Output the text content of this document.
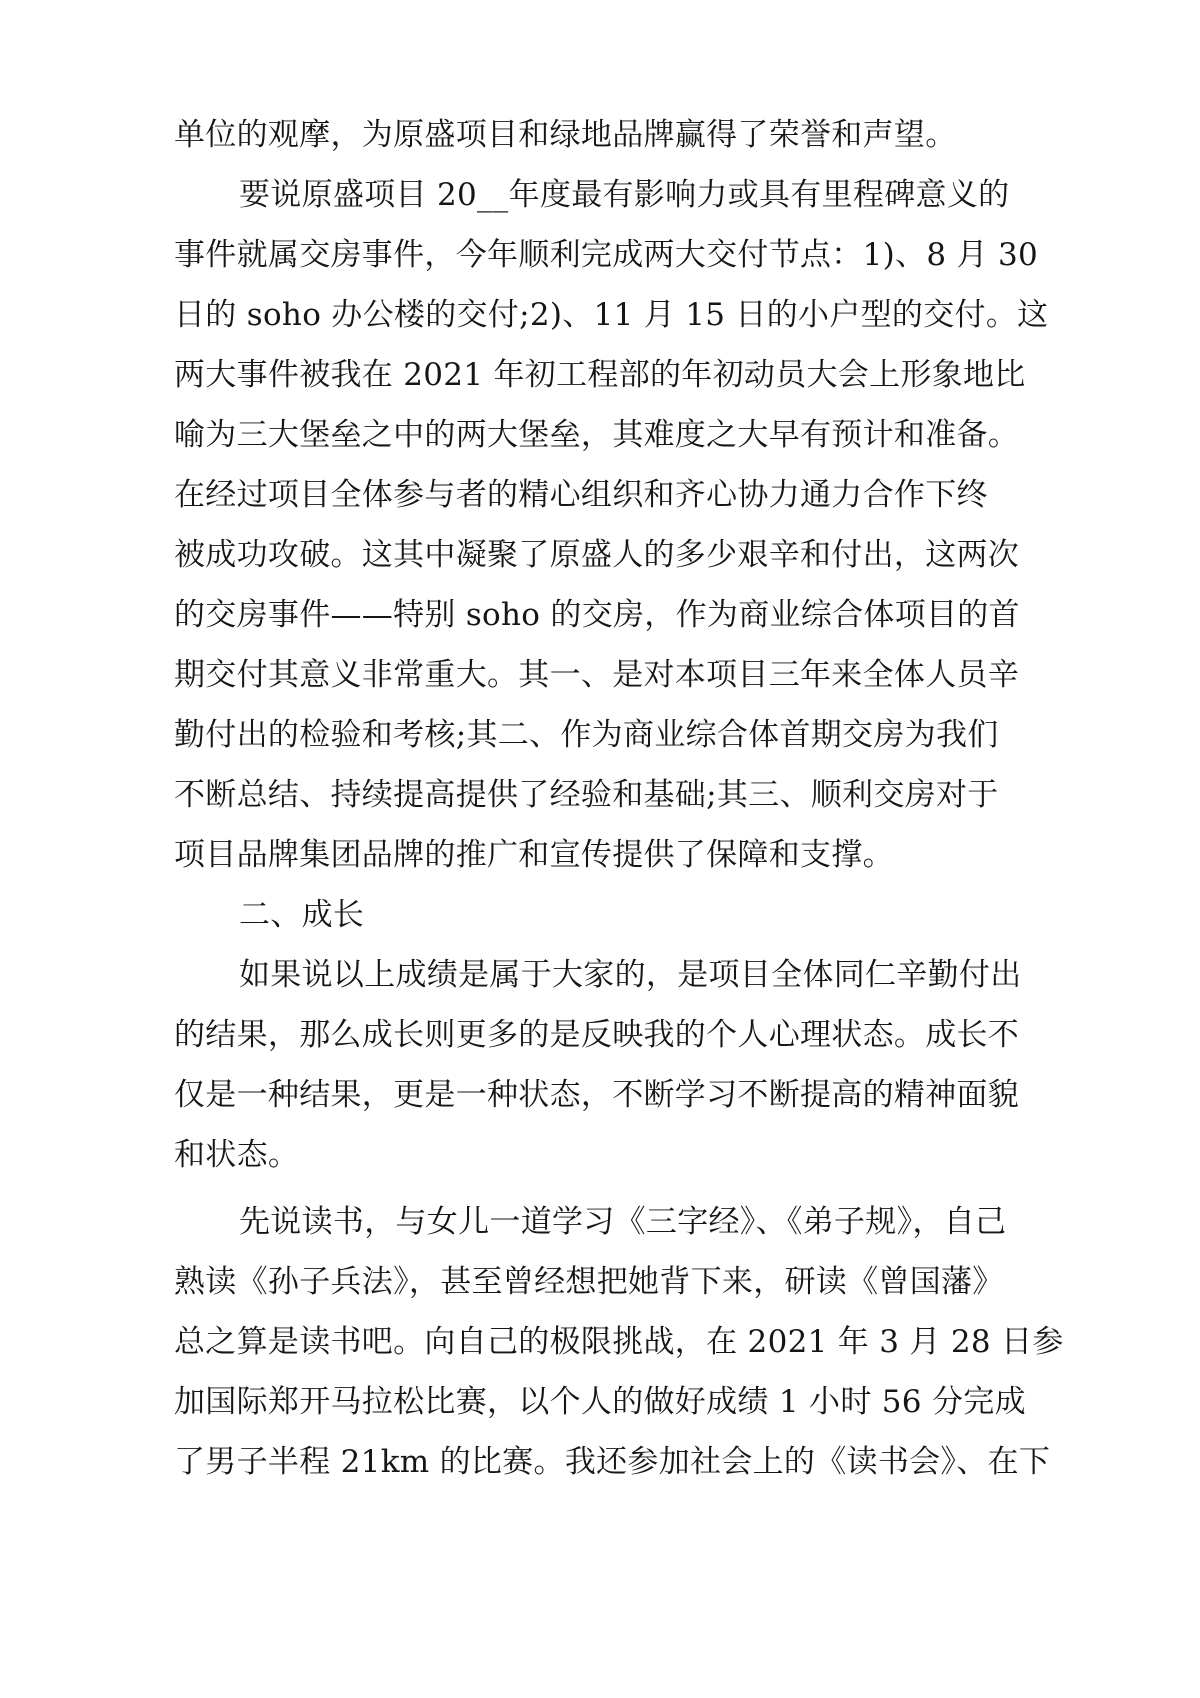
单位的观摩，为原盛项目和绿地品牌赢得了荣誉和声望。
要说原盛项目 20__年度最有影响力或具有里程碑意义的
事件就属交房事件，今年顺利完成两大交付节点：1)、8 月 30
日的 soho 办公楼的交付;2)、11 月 15 日的小户型的交付。这
两大事件被我在 2021 年初工程部的年初动员大会上形象地比
喻为三大堡垒之中的两大堡垒，其难度之大早有预计和准备。
在经过项目全体参与者的精心组织和齐心协力通力合作下终
被成功攻破。这其中凝聚了原盛人的多少艰辛和付出，这两次
的交房事件——特别 soho 的交房，作为商业综合体项目的首
期交付其意义非常重大。其一、是对本项目三年来全体人员辛
勤付出的检验和考核;其二、作为商业综合体首期交房为我们
不断总结、持续提高提供了经验和基础;其三、顺利交房对于
项目品牌集团品牌的推广和宣传提供了保障和支撑。
二、成长
如果说以上成绩是属于大家的，是项目全体同仁辛勤付出
的结果，那么成长则更多的是反映我的个人心理状态。成长不
仅是一种结果，更是一种状态，不断学习不断提高的精神面貌
和状态。
先说读书，与女儿一道学习《三字经》、《弟子规》，自己
熟读《孙子兵法》，甚至曾经想把她背下来，研读《曾国藩》
总之算是读书吧。向自己的极限挑战，在 2021 年 3 月 28 日参
加国际郑开马拉松比赛，以个人的做好成绩 1 小时 56 分完成
了男子半程 21km 的比赛。我还参加社会上的《读书会》、在下
